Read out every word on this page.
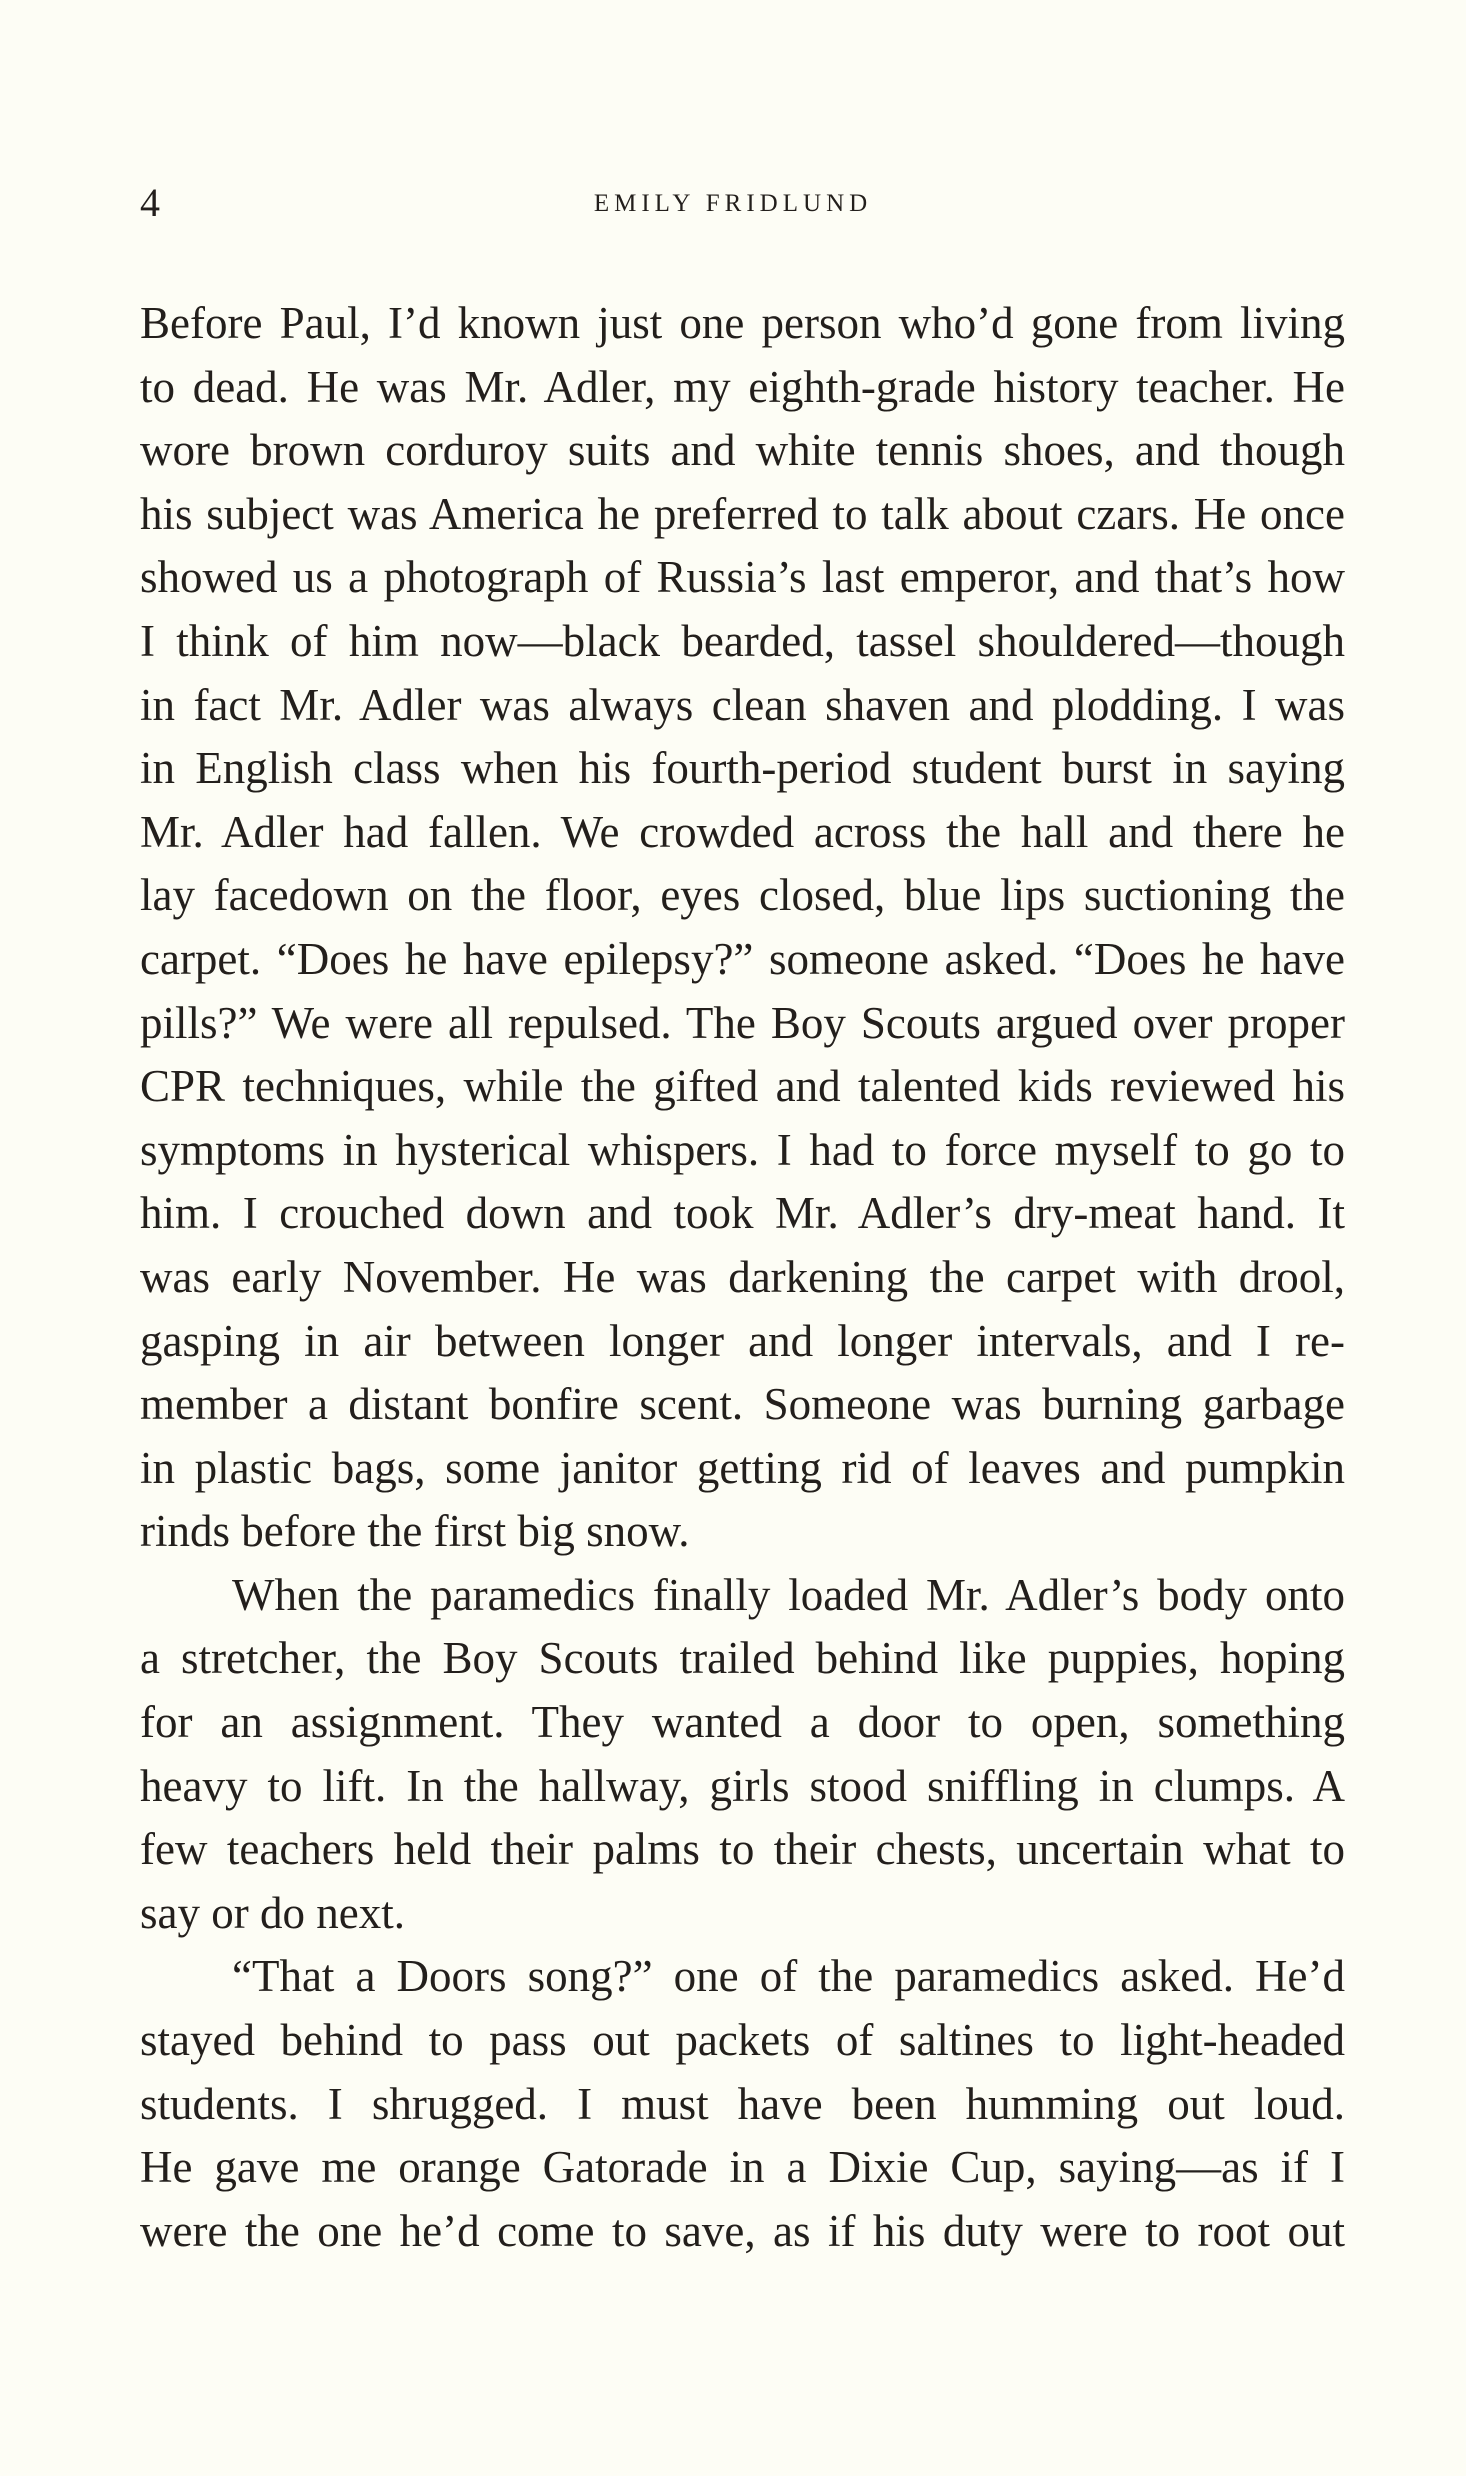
4	EMILY FRIDLUND
Before Paul, I’d known just one person who’d gone from living
to dead. He was Mr. Adler, my eighth-grade history teacher. He
wore brown corduroy suits and white tennis shoes, and though
his subject was America he preferred to talk about czars. He once
showed us a photograph of Russia’s last emperor, and that’s how
I think of him now—black bearded, tassel shouldered—though
in fact Mr. Adler was always clean shaven and plodding. I was
in English class when his fourth-period student burst in saying
Mr. Adler had fallen. We crowded across the hall and there he
lay facedown on the floor, eyes closed, blue lips suctioning the
carpet. “Does he have epilepsy?” someone asked. “Does he have
pills?” We were all repulsed. The Boy Scouts argued over proper
CPR techniques, while the gifted and talented kids reviewed his
symptoms in hysterical whispers. I had to force myself to go to
him. I crouched down and took Mr. Adler’s dry-meat hand. It
was early November. He was darkening the carpet with drool,
gasping in air between longer and longer intervals, and I re-
member a distant bonfire scent. Someone was burning garbage
in plastic bags, some janitor getting rid of leaves and pumpkin
rinds before the first big snow.
When the paramedics finally loaded Mr. Adler’s body onto
a stretcher, the Boy Scouts trailed behind like puppies, hoping
for an assignment. They wanted a door to open, something
heavy to lift. In the hallway, girls stood sniffling in clumps. A
few teachers held their palms to their chests, uncertain what to
say or do next.
“That a Doors song?” one of the paramedics asked. He’d
stayed behind to pass out packets of saltines to light-headed
students. I shrugged. I must have been humming out loud.
He gave me orange Gatorade in a Dixie Cup, saying—as if I
were the one he’d come to save, as if his duty were to root out
